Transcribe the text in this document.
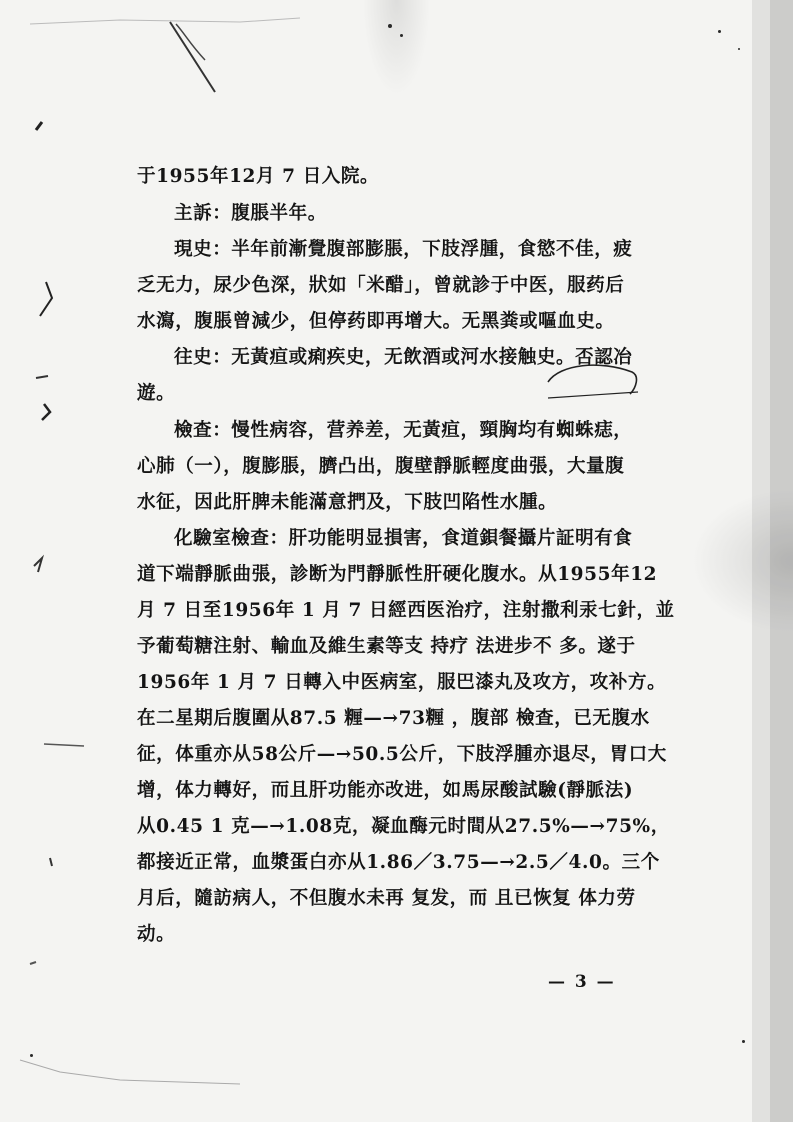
于1955年12月 7 日入院。
主訴：腹脹半年。
現史：半年前漸覺腹部膨脹，下肢浮腫，食慾不佳，疲
乏无力，尿少色深，狀如「米醋」，曾就診于中医，服药后
水瀉，腹脹曾減少，但停药即再增大。无黑粪或嘔血史。
往史：无黃疸或痢疾史，无飲酒或河水接触史。否認冶
遊。
檢查：慢性病容，营养差，无黃疸，頸胸均有蜘蛛痣，
心肺（一），腹膨脹，臍凸出，腹壁靜脈輕度曲張，大量腹
水征，因此肝脾未能滿意捫及，下肢凹陷性水腫。
化驗室檢查：肝功能明显損害，食道鋇餐攝片証明有食
道下端靜脈曲張，診断为門靜脈性肝硬化腹水。从1955年12
月 7 日至1956年 1 月 7 日經西医治疗，注射撒利汞七針，並
予葡萄糖注射、輸血及維生素等支 持疗 法进步不 多。遂于
1956年 1 月 7 日轉入中医病室，服巴漆丸及攻方，攻补方。
在二星期后腹圍从87.5 糎—→73糎 ，腹部 檢查，已无腹水
征，体重亦从58公斤—→50.5公斤，下肢浮腫亦退尽，胃口大
增，体力轉好，而且肝功能亦改进，如馬尿酸試驗(靜脈法)
从0.45 1 克—→1.08克，凝血酶元时間从27.5%—→75%，
都接近正常，血漿蛋白亦从1.86／3.75—→2.5／4.0。三个
月后，隨訪病人，不但腹水未再 复发，而 且已恢复 体力劳
动。
— 3 —
